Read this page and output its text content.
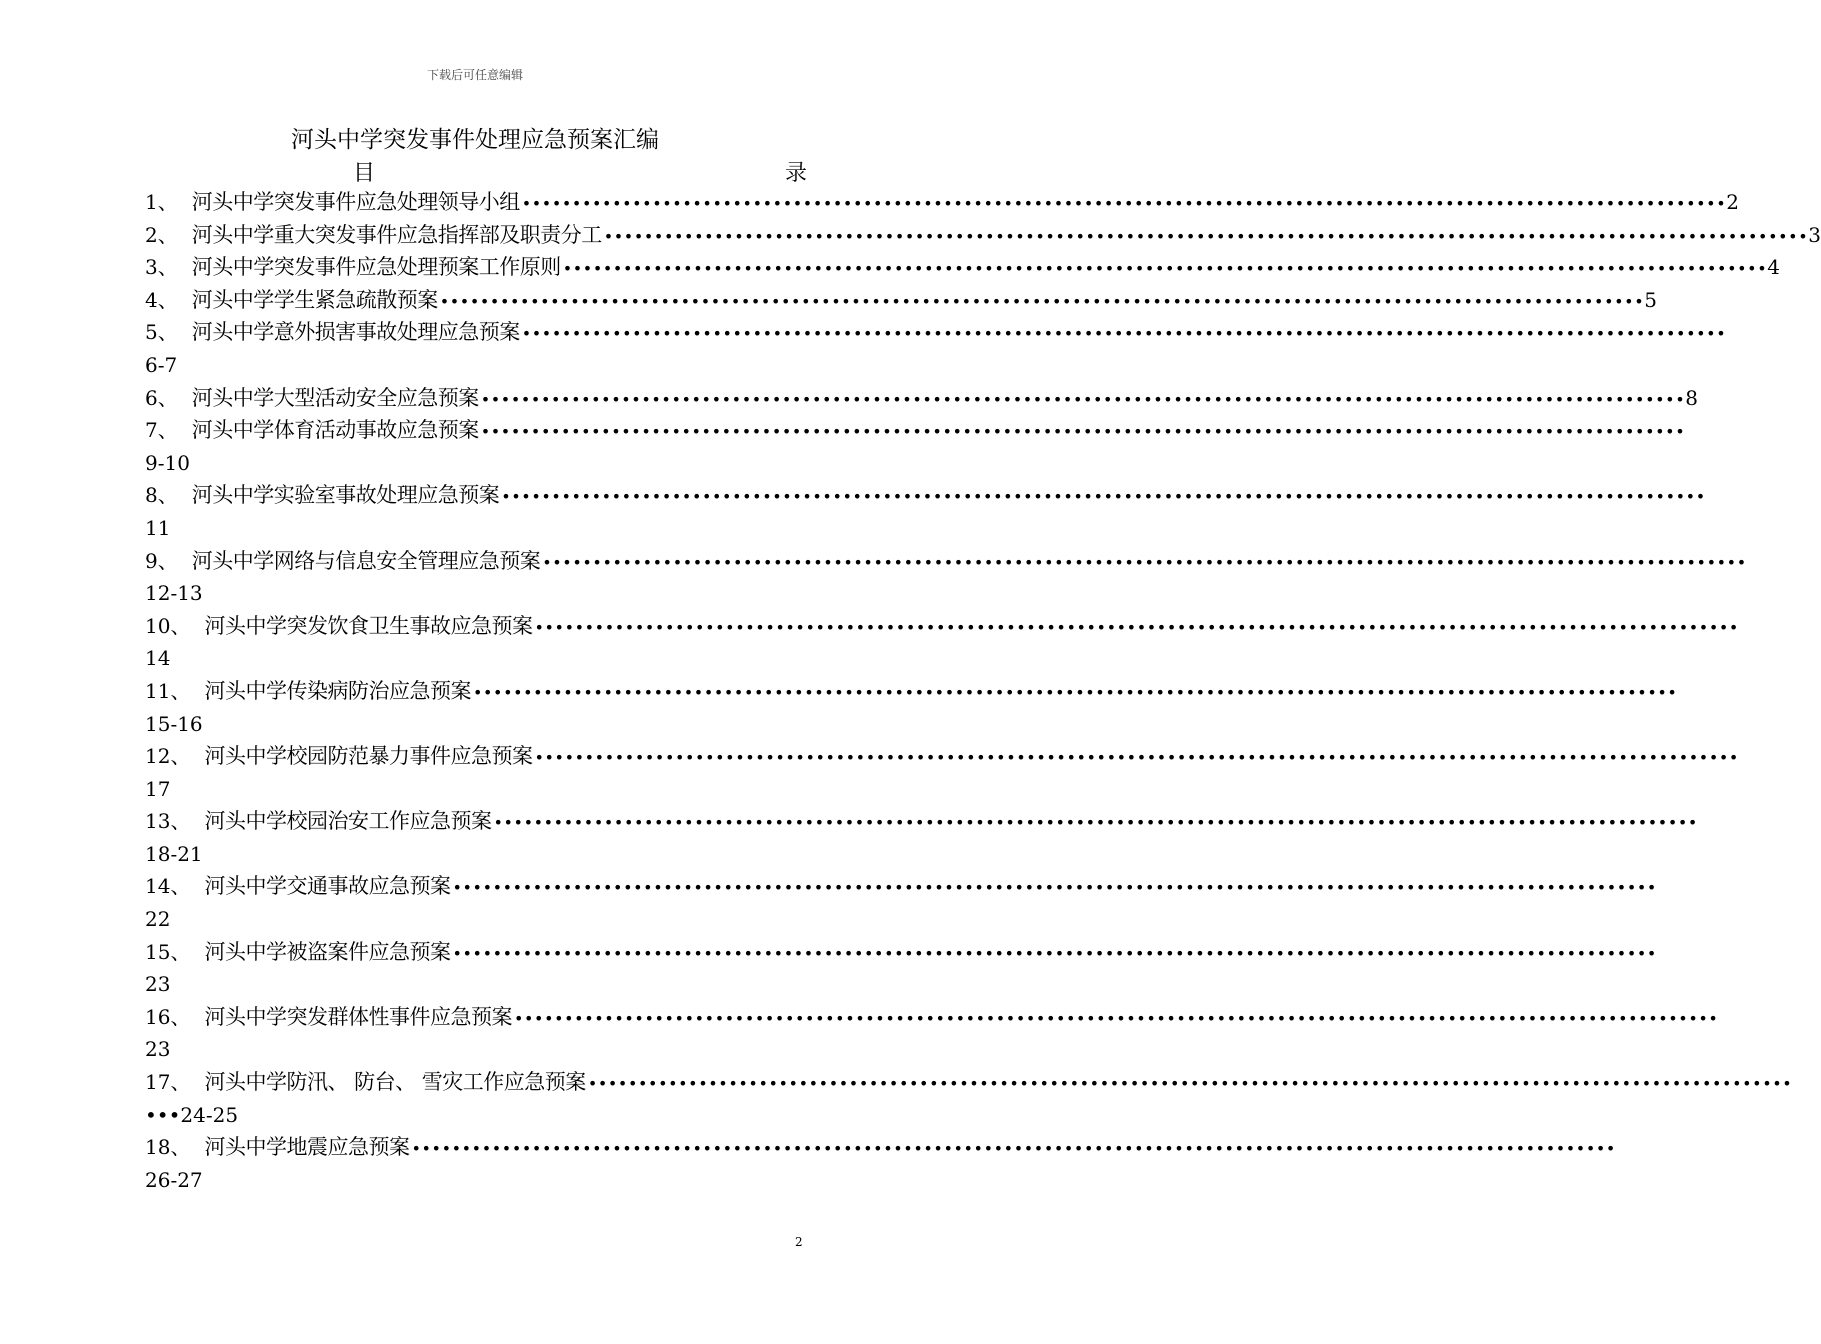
下载后可任意编辑
河头中学突发事件处理应急预案汇编
目	录
1、 河头中学突发事件应急处理领导小组 •••••••••••••••••••••••••••••••••••••••••••••••••••••••••••••••••••••••••••••••••••••••••••••••••••••••••••••••••••••••• 2
2、 河头中学重大突发事件应急指挥部及职责分工 •••••••••••••••••••••••••••••••••••••••••••••••••••••••••••••••••••••••••••••••••••••••••••••••••••••••••••••••••••••••• 3
3、 河头中学突发事件应急处理预案工作原则 •••••••••••••••••••••••••••••••••••••••••••••••••••••••••••••••••••••••••••••••••••••••••••••••••••••••••••••••••••••••• 4
4、 河头中学学生紧急疏散预案 •••••••••••••••••••••••••••••••••••••••••••••••••••••••••••••••••••••••••••••••••••••••••••••••••••••••••••••••••••••••• 5
5、 河头中学意外损害事故处理应急预案 ••••••••••••••••••••••••••••••••••••••••••••••••••••••••••••••••••••••••••••••••••••••••••••••••••••••••••••••••••••••••
6-7
6、 河头中学大型活动安全应急预案 •••••••••••••••••••••••••••••••••••••••••••••••••••••••••••••••••••••••••••••••••••••••••••••••••••••••••••••••••••••••• 8
7、 河头中学体育活动事故应急预案 ••••••••••••••••••••••••••••••••••••••••••••••••••••••••••••••••••••••••••••••••••••••••••••••••••••••••••••••••••••••••
9-10
8、 河头中学实验室事故处理应急预案 ••••••••••••••••••••••••••••••••••••••••••••••••••••••••••••••••••••••••••••••••••••••••••••••••••••••••••••••••••••••••
11
9、 河头中学网络与信息安全管理应急预案 ••••••••••••••••••••••••••••••••••••••••••••••••••••••••••••••••••••••••••••••••••••••••••••••••••••••••••••••••••••••••
12-13
10、 河头中学突发饮食卫生事故应急预案 ••••••••••••••••••••••••••••••••••••••••••••••••••••••••••••••••••••••••••••••••••••••••••••••••••••••••••••••••••••••••
14
11、 河头中学传染病防治应急预案 ••••••••••••••••••••••••••••••••••••••••••••••••••••••••••••••••••••••••••••••••••••••••••••••••••••••••••••••••••••••••
15-16
12、 河头中学校园防范暴力事件应急预案 ••••••••••••••••••••••••••••••••••••••••••••••••••••••••••••••••••••••••••••••••••••••••••••••••••••••••••••••••••••••••
17
13、 河头中学校园治安工作应急预案 ••••••••••••••••••••••••••••••••••••••••••••••••••••••••••••••••••••••••••••••••••••••••••••••••••••••••••••••••••••••••
18-21
14、 河头中学交通事故应急预案 ••••••••••••••••••••••••••••••••••••••••••••••••••••••••••••••••••••••••••••••••••••••••••••••••••••••••••••••••••••••••
22
15、 河头中学被盗案件应急预案 ••••••••••••••••••••••••••••••••••••••••••••••••••••••••••••••••••••••••••••••••••••••••••••••••••••••••••••••••••••••••
23
16、 河头中学突发群体性事件应急预案 ••••••••••••••••••••••••••••••••••••••••••••••••••••••••••••••••••••••••••••••••••••••••••••••••••••••••••••••••••••••••
23
17、 河头中学防汛、 防台、 雪灾工作应急预案 ••••••••••••••••••••••••••••••••••••••••••••••••••••••••••••••••••••••••••••••••••••••••••••••••••••••••••••••••••••••••
•••24-25
18、 河头中学地震应急预案 ••••••••••••••••••••••••••••••••••••••••••••••••••••••••••••••••••••••••••••••••••••••••••••••••••••••••••••••••••••••••
26-27
2
